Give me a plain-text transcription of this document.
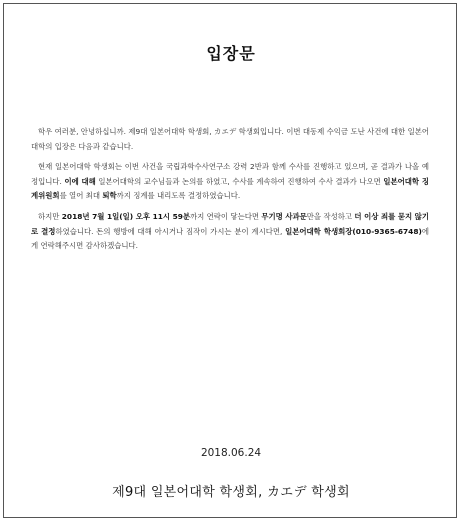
입장문

학우 여러분, 안녕하십니까. 제9대 일본어대학 학생회, カエデ 학생회입니다. 이번 대동제 수익금 도난 사건에 대한 일본어대학의 입장은 다음과 같습니다.

현재 일본어대학 학생회는 이번 사건을 국립과학수사연구소 강력 2반과 함께 수사를 진행하고 있으며, 곧 결과가 나올 예정입니다. 이에 대해 일본어대학의 교수님들과 논의를 하였고, 수사를 계속하여 진행하여 수사 결과가 나오면 일본어대학 징계위원회를 열어 최대 퇴학까지 징계를 내리도록 결정하였습니다.

하지만 2018년 7월 1일(일) 오후 11시 59분까지 연락이 닿는다면 무기명 사과문만을 작성하고 더 이상 죄를 묻지 않기로 결정하였습니다. 돈의 행방에 대해 아시거나 짐작이 가시는 분이 계시다면, 일본어대학 학생회장(010-9365-6748)에게 연락해주시면 감사하겠습니다.

2018.06.24
제9대 일본어대학 학생회, カエデ 학생회
